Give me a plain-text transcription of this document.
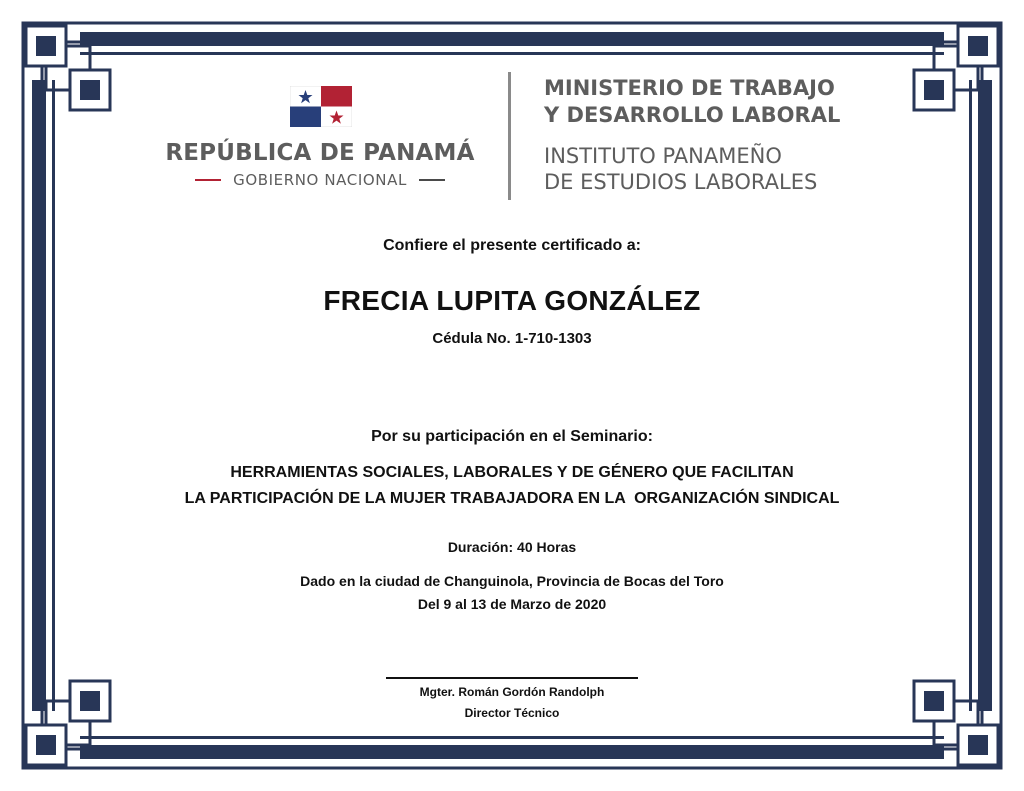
REPÚBLICA DE PANAMÁ
GOBIERNO NACIONAL
MINISTERIO DE TRABAJO
Y DESARROLLO LABORAL
INSTITUTO PANAMEÑO
DE ESTUDIOS LABORALES
Confiere el presente certificado a:
FRECIA LUPITA GONZÁLEZ
Cédula No. 1-710-1303
Por su participación en el Seminario:
HERRAMIENTAS SOCIALES, LABORALES Y DE GÉNERO QUE FACILITAN
LA PARTICIPACIÓN DE LA MUJER TRABAJADORA EN LA  ORGANIZACIÓN SINDICAL
Duración: 40 Horas
Dado en la ciudad de Changuinola, Provincia de Bocas del Toro
Del 9 al 13 de Marzo de 2020
Mgter. Román Gordón Randolph
Director Técnico
